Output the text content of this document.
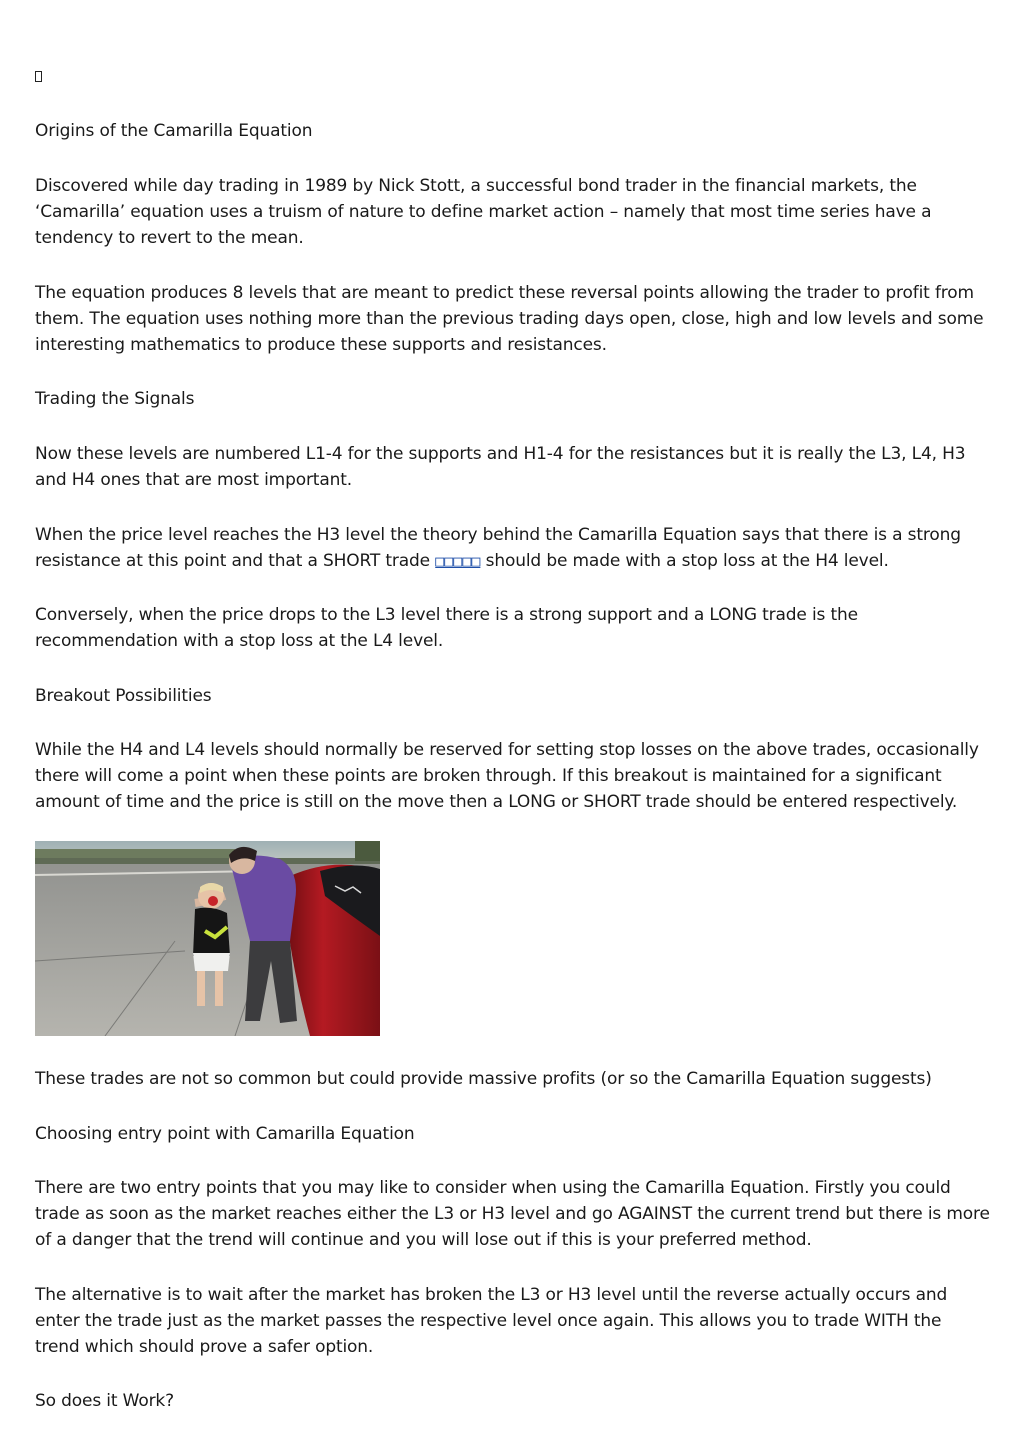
Origins of the Camarilla Equation

Discovered while day trading in 1989 by Nick Stott, a successful bond trader in the financial markets, the ‘Camarilla’ equation uses a truism of nature to define market action – namely that most time series have a tendency to revert to the mean.

The equation produces 8 levels that are meant to predict these reversal points allowing the trader to profit from them. The equation uses nothing more than the previous trading days open, close, high and low levels and some interesting mathematics to produce these supports and resistances.

Trading the Signals

Now these levels are numbered L1-4 for the supports and H1-4 for the resistances but it is really the L3, L4, H3 and H4 ones that are most important.

When the price level reaches the H3 level the theory behind the Camarilla Equation says that there is a strong resistance at this point and that a SHORT trade □□□□□ should be made with a stop loss at the H4 level.

Conversely, when the price drops to the L3 level there is a strong support and a LONG trade is the recommendation with a stop loss at the L4 level.

Breakout Possibilities

While the H4 and L4 levels should normally be reserved for setting stop losses on the above trades, occasionally there will come a point when these points are broken through. If this breakout is maintained for a significant amount of time and the price is still on the move then a LONG or SHORT trade should be entered respectively.

These trades are not so common but could provide massive profits (or so the Camarilla Equation suggests)

Choosing entry point with Camarilla Equation

There are two entry points that you may like to consider when using the Camarilla Equation. Firstly you could trade as soon as the market reaches either the L3 or H3 level and go AGAINST the current trend but there is more of a danger that the trend will continue and you will lose out if this is your preferred method.

The alternative is to wait after the market has broken the L3 or H3 level until the reverse actually occurs and enter the trade just as the market passes the respective level once again. This allows you to trade WITH the trend which should prove a safer option.

So does it Work?
